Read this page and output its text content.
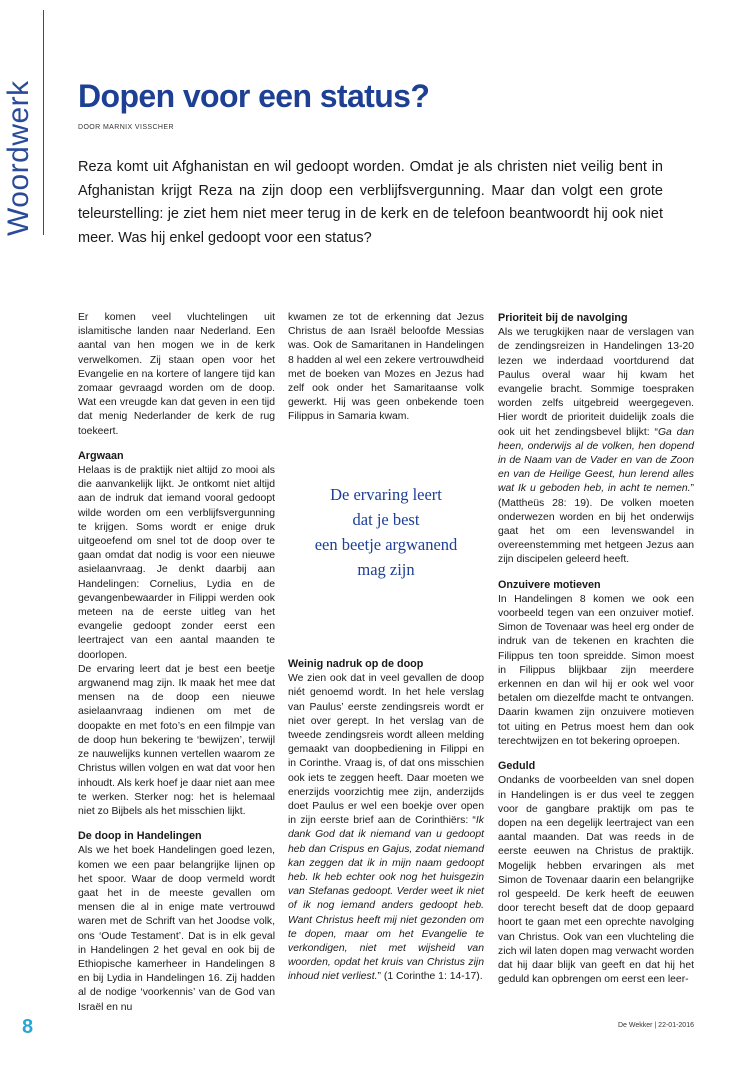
Woordwerk Dopen voor een status?
DOOR MARNIX VISSCHER

Reza komt uit Afghanistan en wil gedoopt worden. Omdat je als christen niet veilig bent in Afghanistan krijgt Reza na zijn doop een verblijfsvergunning. Maar dan volgt een grote teleurstelling: je ziet hem niet meer terug in de kerk en de telefoon beantwoordt hij ook niet meer. Was hij enkel gedoopt voor een status?

Er komen veel vluchtelingen uit islamitische landen naar Nederland. Een aantal van hen mogen we in de kerk verwelkomen. Zij staan open voor het Evangelie en na kortere of langere tijd kan zomaar gevraagd worden om de doop. Wat een vreugde kan dat geven in een tijd dat menig Nederlander de kerk de rug toekeert.

Argwaan

Helaas is de praktijk niet altijd zo mooi als die aanvankelijk lijkt. Je ontkomt niet altijd aan de indruk dat iemand vooral gedoopt wilde worden om een verblijfsvergunning te krijgen. Soms wordt er enige druk uitgeoefend om snel tot de doop over te gaan omdat dat nodig is voor een nieuwe asielaanvraag. Je denkt daarbij aan Handelingen: Cornelius, Lydia en de gevangenbewaarder in Filippi werden ook meteen na de eerste uitleg van het evangelie gedoopt zonder eerst een leertraject van een aantal maanden te doorlopen.

De ervaring leert dat je best een beetje argwanend mag zijn. Ik maak het mee dat mensen na de doop een nieuwe asielaanvraag indienen om met de doopakte en met foto’s en een filmpje van de doop hun bekering te ‘bewijzen’, terwijl ze nauwelijks kunnen vertellen waarom ze Christus willen volgen en wat dat voor hen inhoudt. Als kerk hoef je daar niet aan mee te werken. Sterker nog: het is helemaal niet zo Bijbels als het misschien lijkt.

De doop in Handelingen

Als we het boek Handelingen goed lezen, komen we een paar belangrijke lijnen op het spoor. Waar de doop vermeld wordt gaat het in de meeste gevallen om mensen die al in enige mate vertrouwd waren met de Schrift van het Joodse volk, ons ‘Oude Testament’. Dat is in elk geval in Handelingen 2 het geval en ook bij de Ethiopische kamerheer in Handelingen 8 en bij Lydia in Handelingen 16. Zij hadden al de nodige ‘voorkennis’ van de God van Israël en nu

kwamen ze tot de erkenning dat Jezus Christus de aan Israël beloofde Messias was. Ook de Samaritanen in Handelingen 8 hadden al wel een zekere vertrouwdheid met de boeken van Mozes en Jezus had zelf ook onder het Samaritaanse volk gewerkt. Hij was geen onbekende toen Filippus in Samaria kwam.

De ervaring leert
dat je best
een beetje argwanend
mag zijn
Weinig nadruk op de doop

We zien ook dat in veel gevallen de doop niét genoemd wordt. In het hele verslag van Paulus’ eerste zendingsreis wordt er niet over gerept. In het verslag van de tweede zendingsreis wordt alleen melding gemaakt van doopbediening in Filippi en in Corinthe. Vraag is, of dat ons misschien ook iets te zeggen heeft. Daar moeten we enerzijds voorzichtig mee zijn, anderzijds doet Paulus er wel een boekje over open in zijn eerste brief aan de Corinthiërs: “Ik dank God dat ik niemand van u gedoopt heb dan Crispus en Gajus, zodat niemand kan zeggen dat ik in mijn naam gedoopt heb. Ik heb echter ook nog het huisgezin van Stefanas gedoopt. Verder weet ik niet of ik nog iemand anders gedoopt heb. Want Christus heeft mij niet gezonden om te dopen, maar om het Evangelie te verkondigen, niet met wijsheid van woorden, opdat het kruis van Christus zijn inhoud niet verliest.” (1 Corinthe 1: 14-17).

Prioriteit bij de navolging

Als we terugkijken naar de verslagen van de zendingsreizen in Handelingen 13-20 lezen we inderdaad voortdurend dat Paulus overal waar hij kwam het evangelie bracht. Sommige toespraken worden zelfs uitgebreid weergegeven. Hier wordt de prioriteit duidelijk zoals die ook uit het zendingsbevel blijkt: “Ga dan heen, onderwijs al de volken, hen dopend in de Naam van de Vader en van de Zoon en van de Heilige Geest, hun lerend alles wat Ik u geboden heb, in acht te nemen.” (Mattheüs 28: 19). De volken moeten onderwezen worden en bij het onderwijs gaat het om een levenswandel in overeenstemming met hetgeen Jezus aan zijn discipelen geleerd heeft.

Onzuivere motieven

In Handelingen 8 komen we ook een voorbeeld tegen van een onzuiver motief. Simon de Tovenaar was heel erg onder de indruk van de tekenen en krachten die Filippus ten toon spreidde. Simon moest in Filippus blijkbaar zijn meerdere erkennen en dan wil hij er ook wel voor betalen om diezelfde macht te ontvangen. Daarin kwamen zijn onzuivere motieven tot uiting en Petrus moest hem dan ook terechtwijzen en tot bekering oproepen.

Geduld

Ondanks de voorbeelden van snel dopen in Handelingen is er dus veel te zeggen voor de gangbare praktijk om pas te dopen na een degelijk leertraject van een aantal maanden. Dat was reeds in de eerste eeuwen na Christus de praktijk. Mogelijk hebben ervaringen als met Simon de Tovenaar daarin een belangrijke rol gespeeld. De kerk heeft de eeuwen door terecht beseft dat de doop gepaard hoort te gaan met een oprechte navolging van Christus. Ook van een vluchteling die zich wil laten dopen mag verwacht worden dat hij daar blijk van geeft en dat hij het geduld kan opbrengen om eerst een leer-

8	De Wekker | 22-01-2016
